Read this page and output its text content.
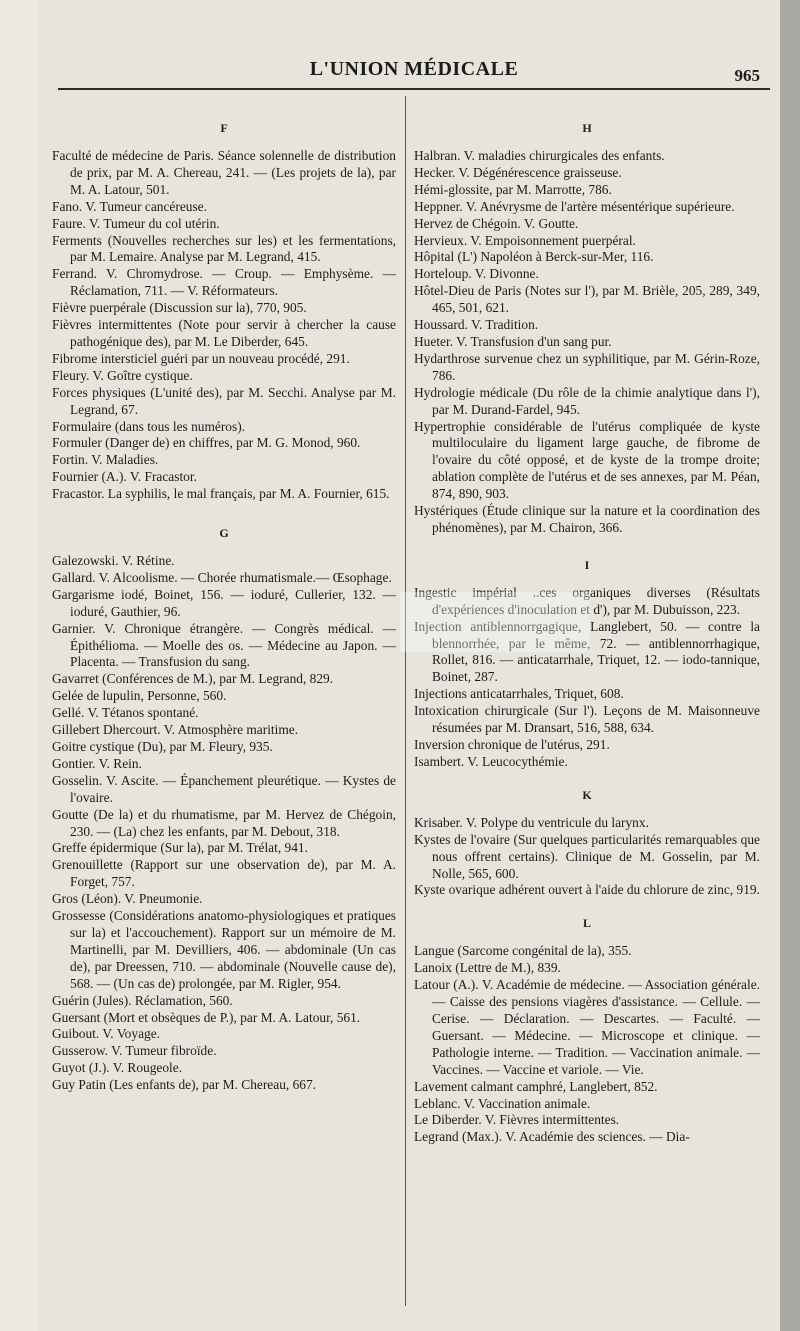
L'UNION MÉDICALE	965
F

Faculté de médecine de Paris. Séance solennelle de distribution de prix, par M. A. Chereau, 241. — (Les projets de la), par M. A. Latour, 501.

Fano. V. Tumeur cancéreuse.

Faure. V. Tumeur du col utérin.

Ferments (Nouvelles recherches sur les) et les fermentations, par M. Lemaire. Analyse par M. Legrand, 415.

Ferrand. V. Chromydrose. — Croup. — Emphysème. — Réclamation, 711. — V. Réformateurs.

Fièvre puerpérale (Discussion sur la), 770, 905.

Fièvres intermittentes (Note pour servir à chercher la cause pathogénique des), par M. Le Diberder, 645.

Fibrome intersticiel guéri par un nouveau procédé, 291.

Fleury. V. Goître cystique.

Forces physiques (L'unité des), par M. Secchi. Analyse par M. Legrand, 67.

Formulaire (dans tous les numéros).

Formuler (Danger de) en chiffres, par M. G. Monod, 960.

Fortin. V. Maladies.

Fournier (A.). V. Fracastor.

Fracastor. La syphilis, le mal français, par M. A. Fournier, 615.

G

Galezowski. V. Rétine.

Gallard. V. Alcoolisme. — Chorée rhumatismale.— Œsophage.

Gargarisme iodé, Boinet, 156. — ioduré, Cullerier, 132. — ioduré, Gauthier, 96.

Garnier. V. Chronique étrangère. — Congrès médical. — Épithélioma. — Moelle des os. — Médecine au Japon. — Placenta. — Transfusion du sang.

Gavarret (Conférences de M.), par M. Legrand, 829.

Gelée de lupulin, Personne, 560.

Gellé. V. Tétanos spontané.

Gillebert Dhercourt. V. Atmosphère maritime.

Goitre cystique (Du), par M. Fleury, 935.

Gontier. V. Rein.

Gosselin. V. Ascite. — Épanchement pleurétique. — Kystes de l'ovaire.

Goutte (De la) et du rhumatisme, par M. Hervez de Chégoin, 230. — (La) chez les enfants, par M. Debout, 318.

Greffe épidermique (Sur la), par M. Trélat, 941.

Grenouillette (Rapport sur une observation de), par M. A. Forget, 757.

Gros (Léon). V. Pneumonie.

Grossesse (Considérations anatomo-physiologiques et pratiques sur la) et l'accouchement). Rapport sur un mémoire de M. Martinelli, par M. Devilliers, 406. — abdominale (Un cas de), par Dreessen, 710. — abdominale (Nouvelle cause de), 568. — (Un cas de) prolongée, par M. Rigler, 954.

Guérin (Jules). Réclamation, 560.

Guersant (Mort et obsèques de P.), par M. A. Latour, 561.

Guibout. V. Voyage.

Gusserow. V. Tumeur fibroïde.

Guyot (J.). V. Rougeole.

Guy Patin (Les enfants de), par M. Chereau, 667.

H

Halbran. V. maladies chirurgicales des enfants.

Hecker. V. Dégénérescence graisseuse.

Hémi-glossite, par M. Marrotte, 786.

Heppner. V. Anévrysme de l'artère mésentérique supérieure.

Hervez de Chégoin. V. Goutte.

Hervieux. V. Empoisonnement puerpéral.

Hôpital (L') Napoléon à Berck-sur-Mer, 116.

Horteloup. V. Divonne.

Hôtel-Dieu de Paris (Notes sur l'), par M. Brièle, 205, 289, 349, 465, 501, 621.

Houssard. V. Tradition.

Hueter. V. Transfusion d'un sang pur.

Hydarthrose survenue chez un syphilitique, par M. Gérin-Roze, 786.

Hydrologie médicale (Du rôle de la chimie analytique dans l'), par M. Durand-Fardel, 945.

Hypertrophie considérable de l'utérus compliquée de kyste multiloculaire du ligament large gauche, de fibrome de l'ovaire du côté opposé, et de kyste de la trompe droite; ablation complète de l'utérus et de ses annexes, par M. Péan, 874, 890, 903.

Hystériques (Étude clinique sur la nature et la coordination des phénomènes), par M. Chairon, 366.

I

Ingestic impérial ..ces organiques diverses (Résultats d'expériences d'inoculation et d'), par M. Dubuisson, 223.

Injection antiblennorrgagique, Langlebert, 50. — contre la blennorrhée, par le même, 72. — antiblennorrhagique, Rollet, 816. — anticatarrhale, Triquet, 12. — iodo-tannique, Boinet, 287.

Injections anticatarrhales, Triquet, 608.

Intoxication chirurgicale (Sur l'). Leçons de M. Maisonneuve résumées par M. Dransart, 516, 588, 634.

Inversion chronique de l'utérus, 291.

Isambert. V. Leucocythémie.

K

Krisaber. V. Polype du ventricule du larynx.

Kystes de l'ovaire (Sur quelques particularités remarquables que nous offrent certains). Clinique de M. Gosselin, par M. Nolle, 565, 600.

Kyste ovarique adhérent ouvert à l'aide du chlorure de zinc, 919.

L

Langue (Sarcome congénital de la), 355.

Lanoix (Lettre de M.), 839.

Latour (A.). V. Académie de médecine. — Association générale. — Caisse des pensions viagères d'assistance. — Cellule. — Cerise. — Déclaration. — Descartes. — Faculté. — Guersant. — Médecine. — Microscope et clinique. — Pathologie interne. — Tradition. — Vaccination animale. — Vaccines. — Vaccine et variole. — Vie.

Lavement calmant camphré, Langlebert, 852.

Leblanc. V. Vaccination animale.

Le Diberder. V. Fièvres intermittentes.

Legrand (Max.). V. Académie des sciences. — Dia-
